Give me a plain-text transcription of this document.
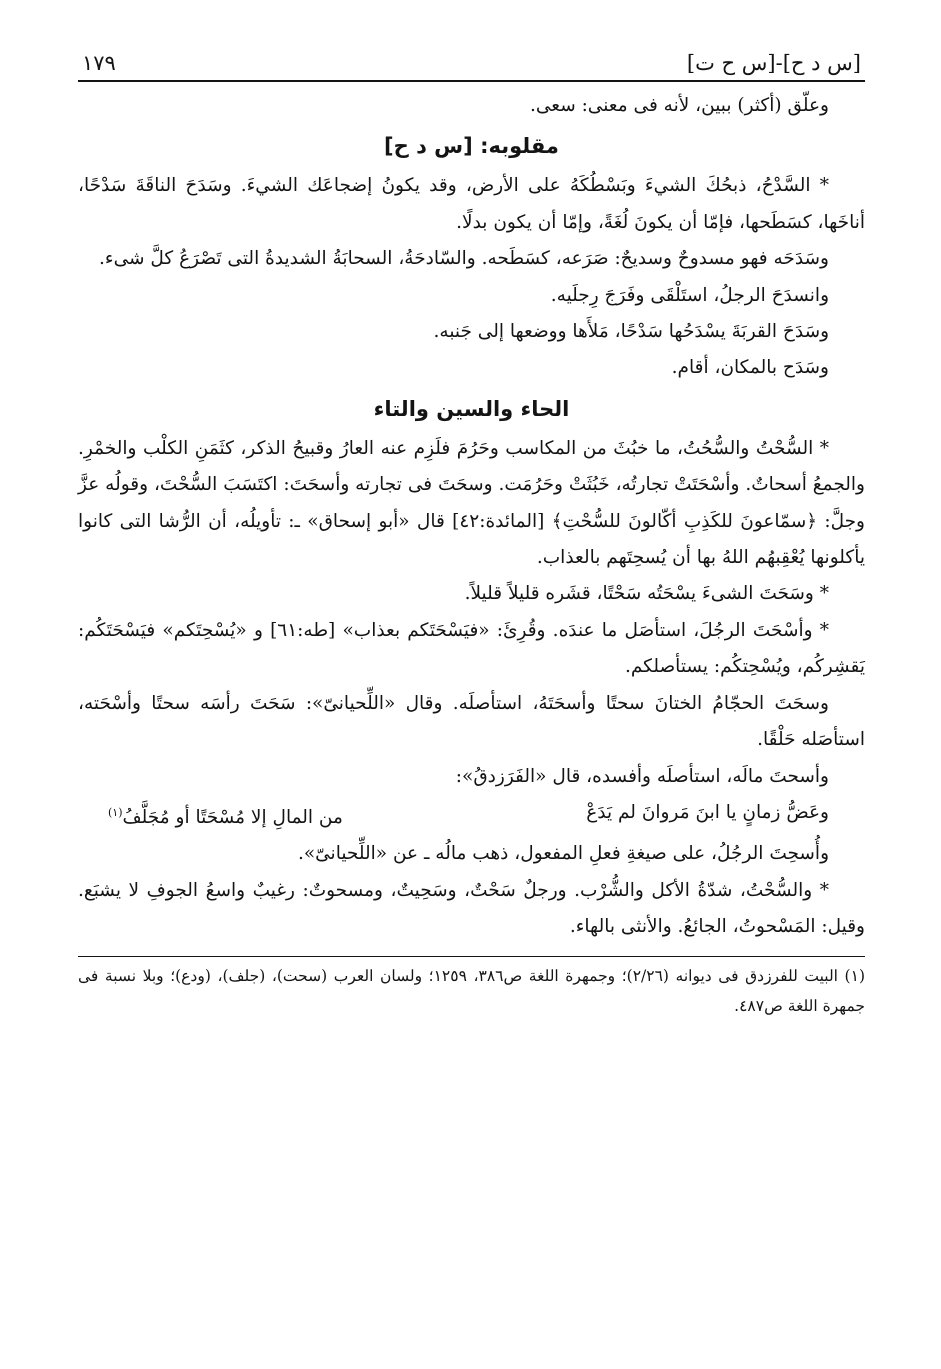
[س د ح]-[س ح ت]
١٧٩

وعلّق (أكثر) ببين، لأنه فى معنى: سعى.

مقلوبه: [س د ح]

* السَّدْحُ، ذبحُكَ الشيءَ وبَسْطُكَهُ على الأرض، وقد يكونُ إضجاعَك الشيءَ. وسَدَحَ الناقَةَ سَدْحًا، أناخَها، كسَطَحها، فإمّا أن يكونَ لُغَةً، وإمّا أن يكون بدلًا.

وسَدَحَه فهو مسدوحٌ وسديحٌ: صَرَعه، كسَطَحه. والسّادحَةُ، السحابَةُ الشديدةُ التى تَصْرَعُ كلَّ شىء.

وانسدَحَ الرجلُ، استَلْقَى وفَرَجَ رِجلَيه.

وسَدَحَ القربَةَ يسْدَحُها سَدْحًا، مَلأَها ووضعها إلى جَنبه.

وسَدَح بالمكان، أقام.

الحاء والسين والتاء

* السُّحْتُ والسُّحُتُ، ما خبُثَ من المكاسب وحَرُمَ فلَزِم عنه العارُ وقبيحُ الذكر، كثَمَنِ الكلْب والخمْرِ. والجمعُ أسحاتٌ. وأسْحَتَتْ تجارتُه، خَبُثَتْ وحَرُمَت. وسحَتَ فى تجارته وأسحَتَ: اكتَسَبَ السُّحْتَ، وقولُه عزَّ وجلَّ: ﴿سمّاعونَ للكَذِبِ أكّالونَ للسُّحْتِ﴾ [المائدة:٤٢] قال «أبو إسحاق» ـ: تأويلُه، أن الرُّشا التى كانوا يأكلونها يُعْقِبهُم اللهُ بها أن يُسحِتَهم بالعذاب.

* وسَحَتَ الشىءَ يسْحَتُه سَحْتًا، قشَره قليلاً قليلاً.

* وأسْحَتَ الرجُلَ، استأصَل ما عندَه. وقُرِئَ: «فيَسْحَتَكم بعذاب» [طه:٦١] و «يُسْحِتَكم» فيَسْحَتَكُم: يَقشِركُم، ويُسْحِتكُم: يستأصلكم.

وسحَتَ الحجّامُ الختانَ سحتًا وأسحَتَهُ، استأصلَه. وقال «اللِّحيانىّ»: سَحَتَ رأسَه سحتًا وأسْحَته، استأصَله حَلْقًا.

وأسحتَ مالَه، استأصلَه وأفسده، قال «الفَرَزدقُ»:

وعَضُّ زمانٍ يا ابنَ مَروانَ لم يَدَعْ
من المالِ إلا مُسْحَتًا أو مُجَلَّفُ$^{(١)}$

وأُسحِتَ الرجُلُ، على صيغةِ فعلِ المفعول، ذهب مالُه ـ عن «اللِّحيانىّ».

* والسُّحْتُ، شدّةُ الأكل والشُّرْب. ورجلٌ سَحْتٌ، وسَحِيتٌ، ومسحوتٌ: رغيبٌ واسعُ الجوفِ لا يشبَع. وقيل: المَسْحوتُ، الجائعُ. والأنثى بالهاء.

(١) البيت للفرزدق فى ديوانه (٢/٢٦)؛ وجمهرة اللغة ص٣٨٦، ١٢٥٩؛ ولسان العرب (سحت)، (جلف)، (ودع)؛ وبلا نسبة فى جمهرة اللغة ص٤٨٧.
